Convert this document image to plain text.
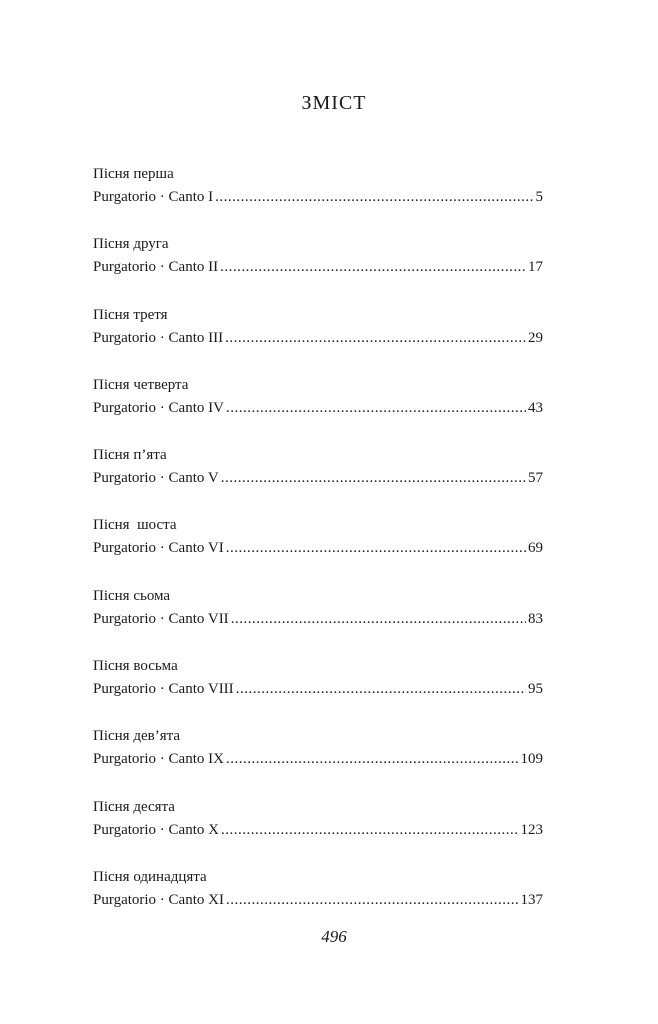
ЗМІСТ
Пісня перша
Purgatorio · Canto I .....	5
Пісня друга
Purgatorio · Canto II .....	17
Пісня третя
Purgatorio · Canto III .....	29
Пісня четверта
Purgatorio · Canto IV .....	43
Пісня п’ята
Purgatorio · Canto V .....	57
Пісня  шоста
Purgatorio · Canto VI .....	69
Пісня сьома
Purgatorio · Canto VII .....	83
Пісня восьма
Purgatorio · Canto VIII .....	95
Пісня дев’ята
Purgatorio · Canto IX .....	109
Пісня десята
Purgatorio · Canto X .....	123
Пісня одинадцята
Purgatorio · Canto XI .....	137
496
